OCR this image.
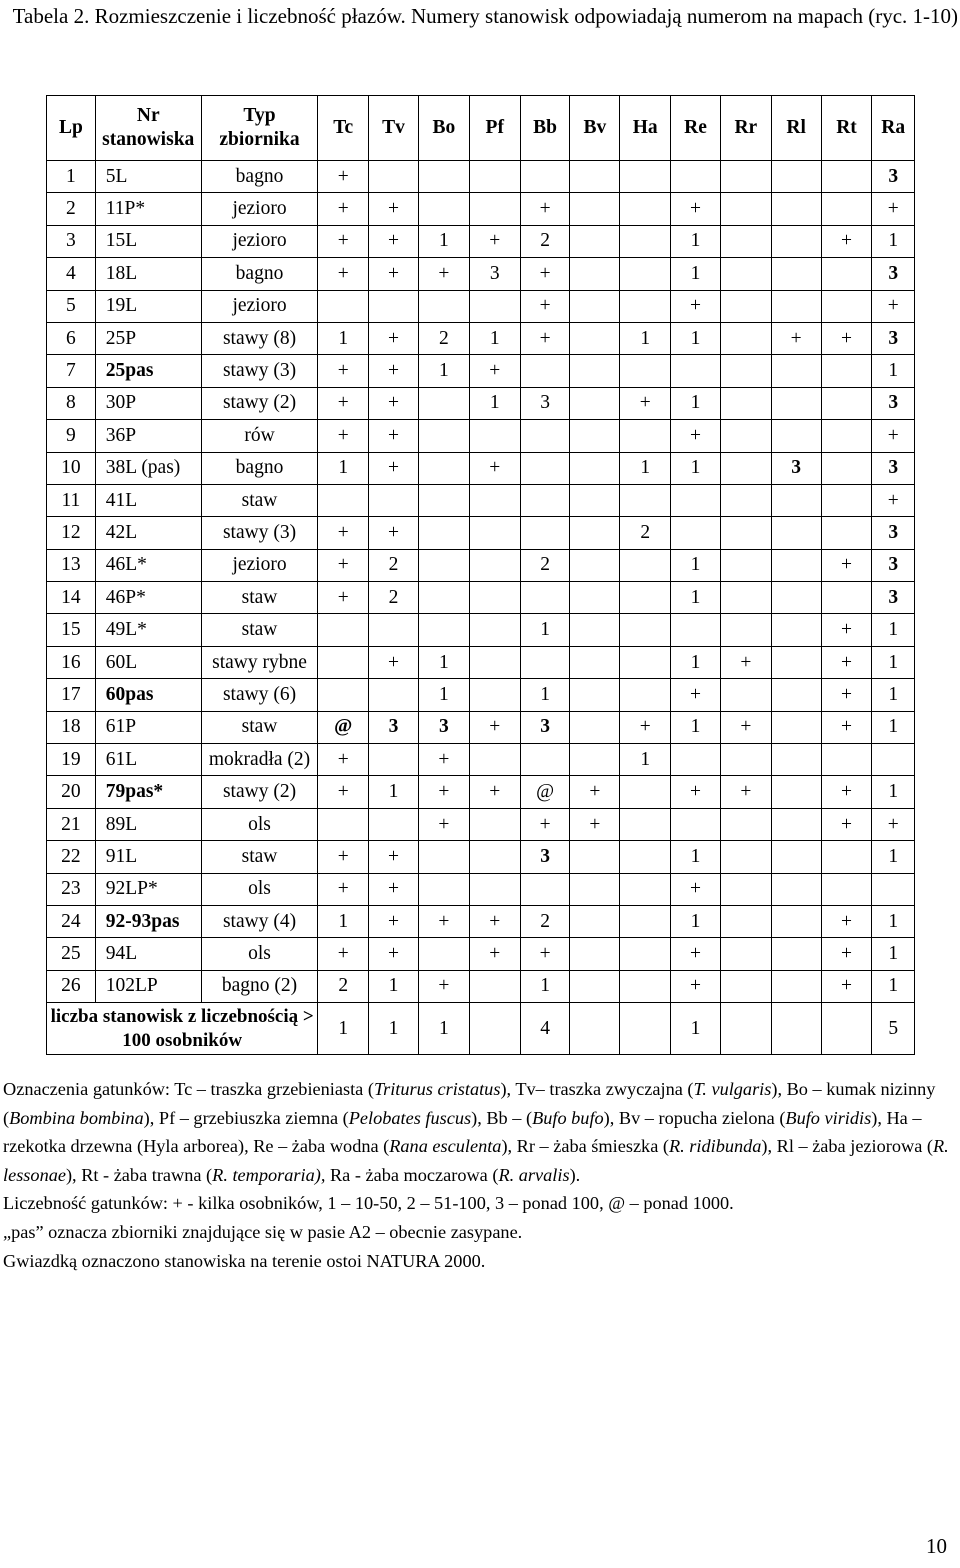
Tabela 2. Rozmieszczenie i liczebność płazów. Numery stanowisk odpowiadają numerom na mapach (ryc. 1-10)
Lp	Nr stanowiska	Typ zbiornika	Tc	Tv	Bo	Pf	Bb	Bv	Ha	Re	Rr	Rl	Rt	Ra
1	5L	bagno	+											3
2	11P*	jezioro	+	+			+			+				+
3	15L	jezioro	+	+	1	+	2			1			+	1
4	18L	bagno	+	+	+	3	+			1				3
5	19L	jezioro					+			+				+
6	25P	stawy (8)	1	+	2	1	+		1	1		+	+	3
7	25pas	stawy (3)	+	+	1	+								1
8	30P	stawy (2)	+	+		1	3		+	1				3
9	36P	rów	+	+						+				+
10	38L (pas)	bagno	1	+		+			1	1		3		3
11	41L	staw												+
12	42L	stawy (3)	+	+					2					3
13	46L*	jezioro	+	2			2			1			+	3
14	46P*	staw	+	2						1				3
15	49L*	staw					1						+	1
16	60L	stawy rybne		+	1					1	+		+	1
17	60pas	stawy (6)			1		1			+			+	1
18	61P	staw	@	3	3	+	3		+	1	+		+	1
19	61L	mokradła (2)	+		+				1					
20	79pas*	stawy (2)	+	1	+	+	@	+		+	+		+	1
21	89L	ols			+		+	+					+	+
22	91L	staw	+	+			3			1				1
23	92LP*	ols	+	+						+				
24	92-93pas	stawy (4)	1	+	+	+	2			1			+	1
25	94L	ols	+	+		+	+			+			+	1
26	102LP	bagno (2)	2	1	+		1			+			+	1
liczba stanowisk z liczebnością > 100 osobników			1	1	1		4			1				5

Oznaczenia gatunków: Tc – traszka grzebieniasta (Triturus cristatus), Tv– traszka zwyczajna (T. vulgaris), Bo – kumak nizinny (Bombina bombina), Pf – grzebiuszka ziemna (Pelobates fuscus), Bb – (Bufo bufo), Bv – ropucha zielona (Bufo viridis), Ha – rzekotka drzewna (Hyla arborea), Re – żaba wodna (Rana esculenta), Rr – żaba śmieszka (R. ridibunda), Rl – żaba jeziorowa (R. lessonae), Rt - żaba trawna (R. temporaria), Ra - żaba moczarowa (R. arvalis).

Liczebność gatunków: + - kilka osobników, 1 – 10-50, 2 – 51-100, 3 – ponad 100, @ – ponad 1000.

„pas” oznacza zbiorniki znajdujące się w pasie A2 – obecnie zasypane.

Gwiazdką oznaczono stanowiska na terenie ostoi NATURA 2000.

10
